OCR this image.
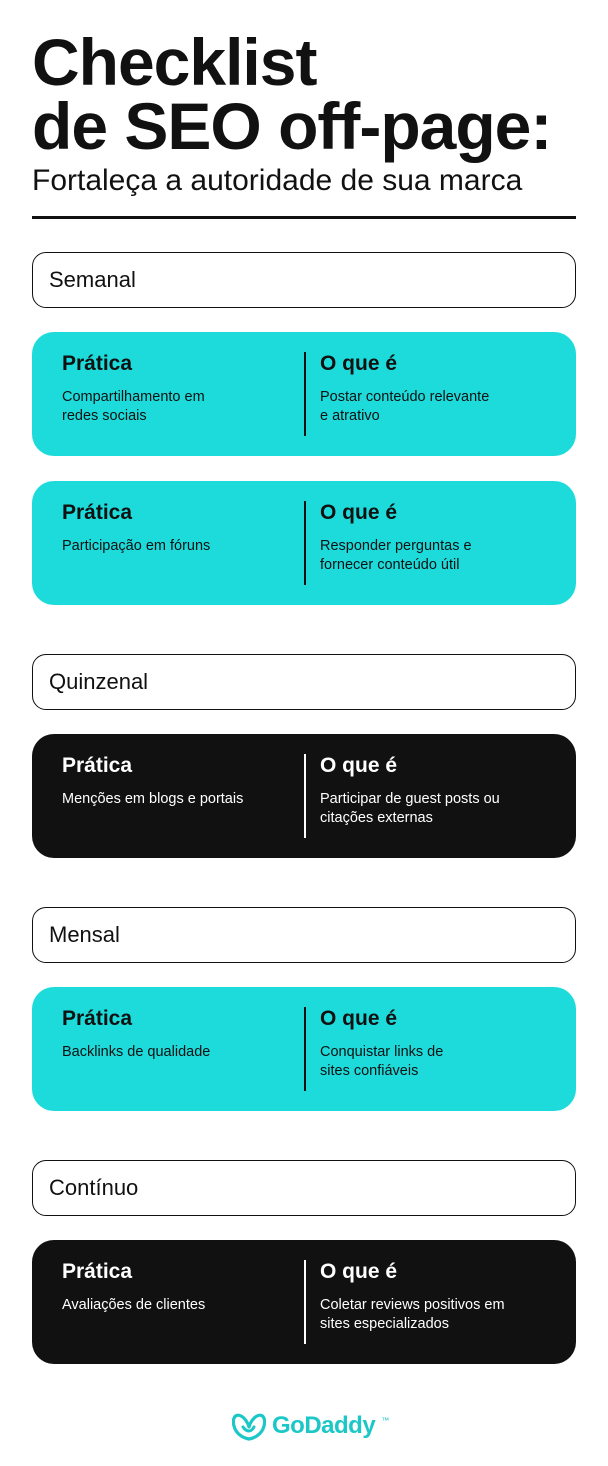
Checklist
de SEO off-page:
Fortaleça a autoridade de sua marca
Semanal
Prática
Compartilhamento em
redes sociais
O que é
Postar conteúdo relevante
e atrativo
Prática
Participação em fóruns
O que é
Responder perguntas e
fornecer conteúdo útil
Quinzenal
Prática
Menções em blogs e portais
O que é
Participar de guest posts ou
citações externas
Mensal
Prática
Backlinks de qualidade
O que é
Conquistar links de
sites confiáveis
Contínuo
Prática
Avaliações de clientes
O que é
Coletar reviews positivos em
sites especializados
GoDaddy ™
